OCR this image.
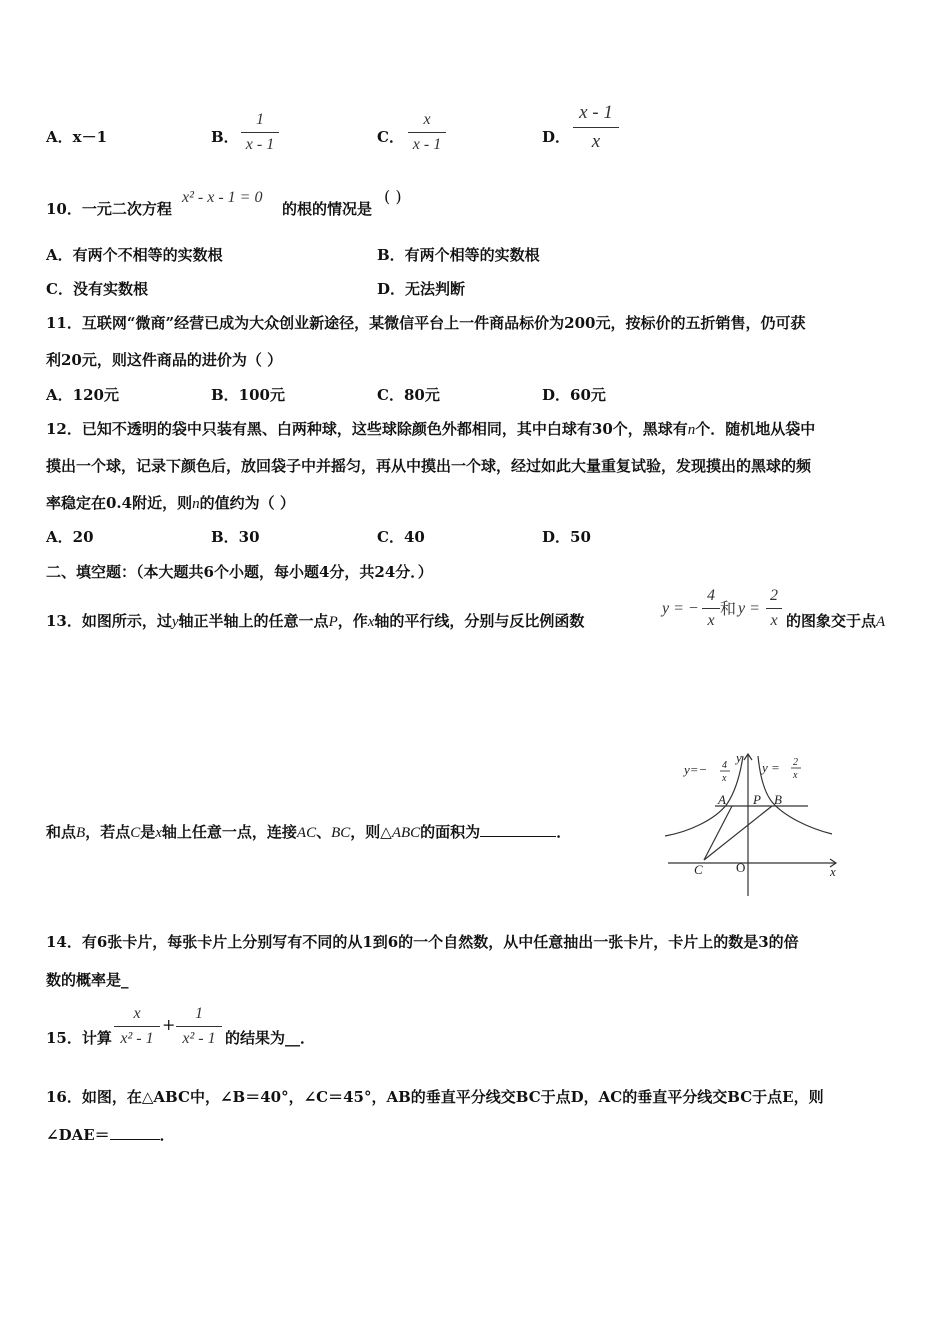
A．x－1	B．
1
x - 1	C．
x
x - 1	D．
x - 1
x
10．一元二次方程
x² - x - 1 = 0
的根的情况是
( )
A．有两个不相等的实数根	B．有两个相等的实数根
C．没有实数根	D．无法判断
11．互联网“微商”经营已成为大众创业新途径，某微信平台上一件商品标价为200元，按标价的五折销售，仍可获
利20元，则这件商品的进价为（ ）
A．120元	B．100元	C．80元	D．60元
12．已知不透明的袋中只装有黑、白两种球，这些球除颜色外都相同，其中白球有30个，黑球有n个．随机地从袋中
摸出一个球，记录下颜色后，放回袋子中并摇匀，再从中摸出一个球，经过如此大量重复试验，发现摸出的黑球的频
率稳定在0.4附近，则n的值约为（ ）
A．20	B．30	C．40	D．50
二、填空题：（本大题共6个小题，每小题4分，共24分．）
13．如图所示，过y轴正半轴上的任意一点P，作x轴的平行线，分别与反比例函数
y = −
4
x
和 y =
2
x 的图象交于点A
和点B，若点C是x轴上任意一点，连接AC、BC，则△ABC的面积为	．
y=− 4
x
y = 2
x
y
x
A P B
C	O
14．有6张卡片，每张卡片上分别写有不同的从1到6的一个自然数，从中任意抽出一张卡片，卡片上的数是3的倍
数的概率是_
15．计算
x
x² - 1
+
1
x² - 1 的结果为__．
16．如图，在△ABC中，∠B＝40°，∠C＝45°，AB的垂直平分线交BC于点D，AC的垂直平分线交BC于点E，则
∠DAE＝	．
